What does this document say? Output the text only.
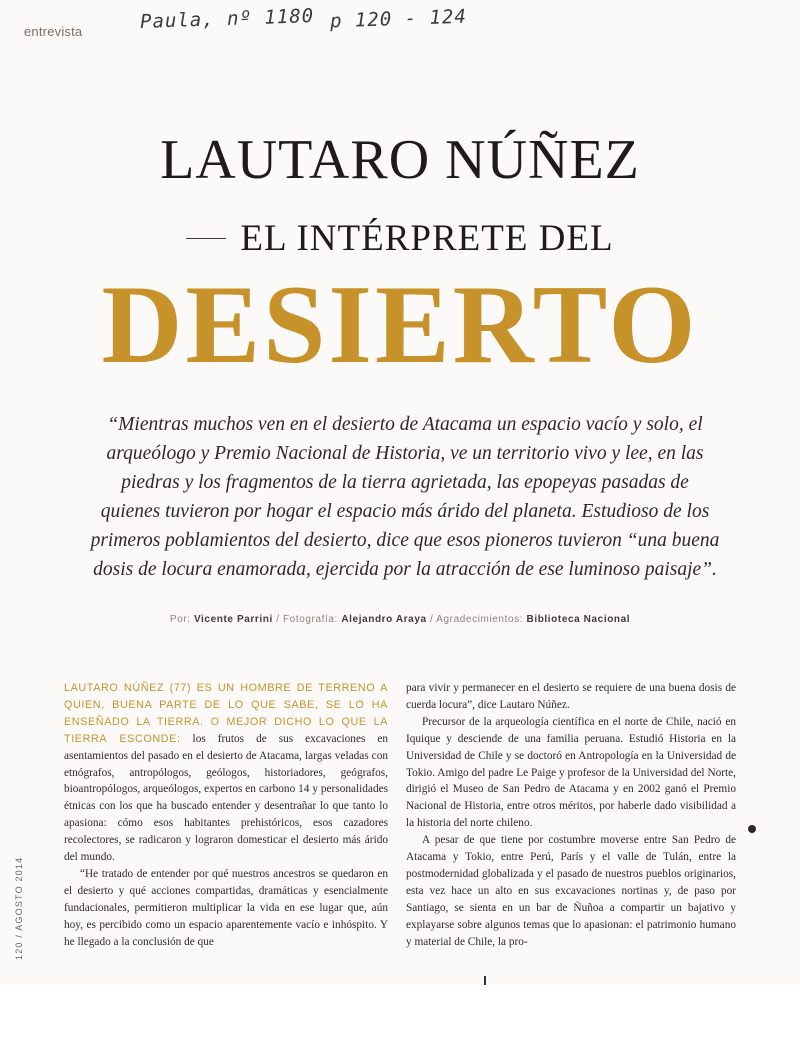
entrevista	Paula, nº 1180 p 120 - 124
LAUTARO NÚÑEZ
EL INTÉRPRETE DEL
DESIERTO

“Mientras muchos ven en el desierto de Atacama un espacio vacío y solo, el arqueólogo y Premio Nacional de Historia, ve un territorio vivo y lee, en las piedras y los fragmentos de la tierra agrietada, las epopeyas pasadas de quienes tuvieron por hogar el espacio más árido del planeta. Estudioso de los primeros poblamientos del desierto, dice que esos pioneros tuvieron “una buena dosis de locura enamorada, ejercida por la atracción de ese luminoso paisaje”.

Por: Vicente Parrini / Fotografía: Alejandro Araya / Agradecimientos: Biblioteca Nacional

LAUTARO NÚÑEZ (77) ES UN HOMBRE DE TERRENO A QUIEN, BUENA PARTE DE LO QUE SABE, SE LO HA ENSEÑADO LA TIERRA. O MEJOR DICHO LO QUE LA TIERRA ESCONDE: los frutos de sus excavaciones en asentamientos del pasado en el desierto de Atacama, largas veladas con etnógrafos, antropólogos, geólogos, historiadores, geógrafos, bioantropólogos, arqueólogos, expertos en carbono 14 y personalidades étnicas con los que ha buscado entender y desentrañar lo que tanto lo apasiona: cómo esos habitantes prehistóricos, esos cazadores recolectores, se radicaron y lograron domesticar el desierto más árido del mundo.

“He tratado de entender por qué nuestros ancestros se quedaron en el desierto y qué acciones compartidas, dramáticas y esencialmente fundacionales, permitieron multiplicar la vida en ese lugar que, aún hoy, es percibido como un espacio aparentemente vacío e inhóspito. Y he llegado a la conclusión de que

para vivir y permanecer en el desierto se requiere de una buena dosis de cuerda locura”, dice Lautaro Núñez.

Precursor de la arqueología científica en el norte de Chile, nació en Iquique y desciende de una familia peruana. Estudió Historia en la Universidad de Chile y se doctoró en Antropología en la Universidad de Tokio. Amigo del padre Le Paige y profesor de la Universidad del Norte, dirigió el Museo de San Pedro de Atacama y en 2002 ganó el Premio Nacional de Historia, entre otros méritos, por haberle dado visibilidad a la historia del norte chileno.

A pesar de que tiene por costumbre moverse entre San Pedro de Atacama y Tokio, entre Perú, París y el valle de Tulán, entre la postmodernidad globalizada y el pasado de nuestros pueblos originarios, esta vez hace un alto en sus excavaciones nortinas y, de paso por Santiago, se sienta en un bar de Ñuñoa a compartir un bajativo y explayarse sobre algunos temas que lo apasionan: el patrimonio humano y material de Chile, la pro-

120 / AGOSTO 2014
